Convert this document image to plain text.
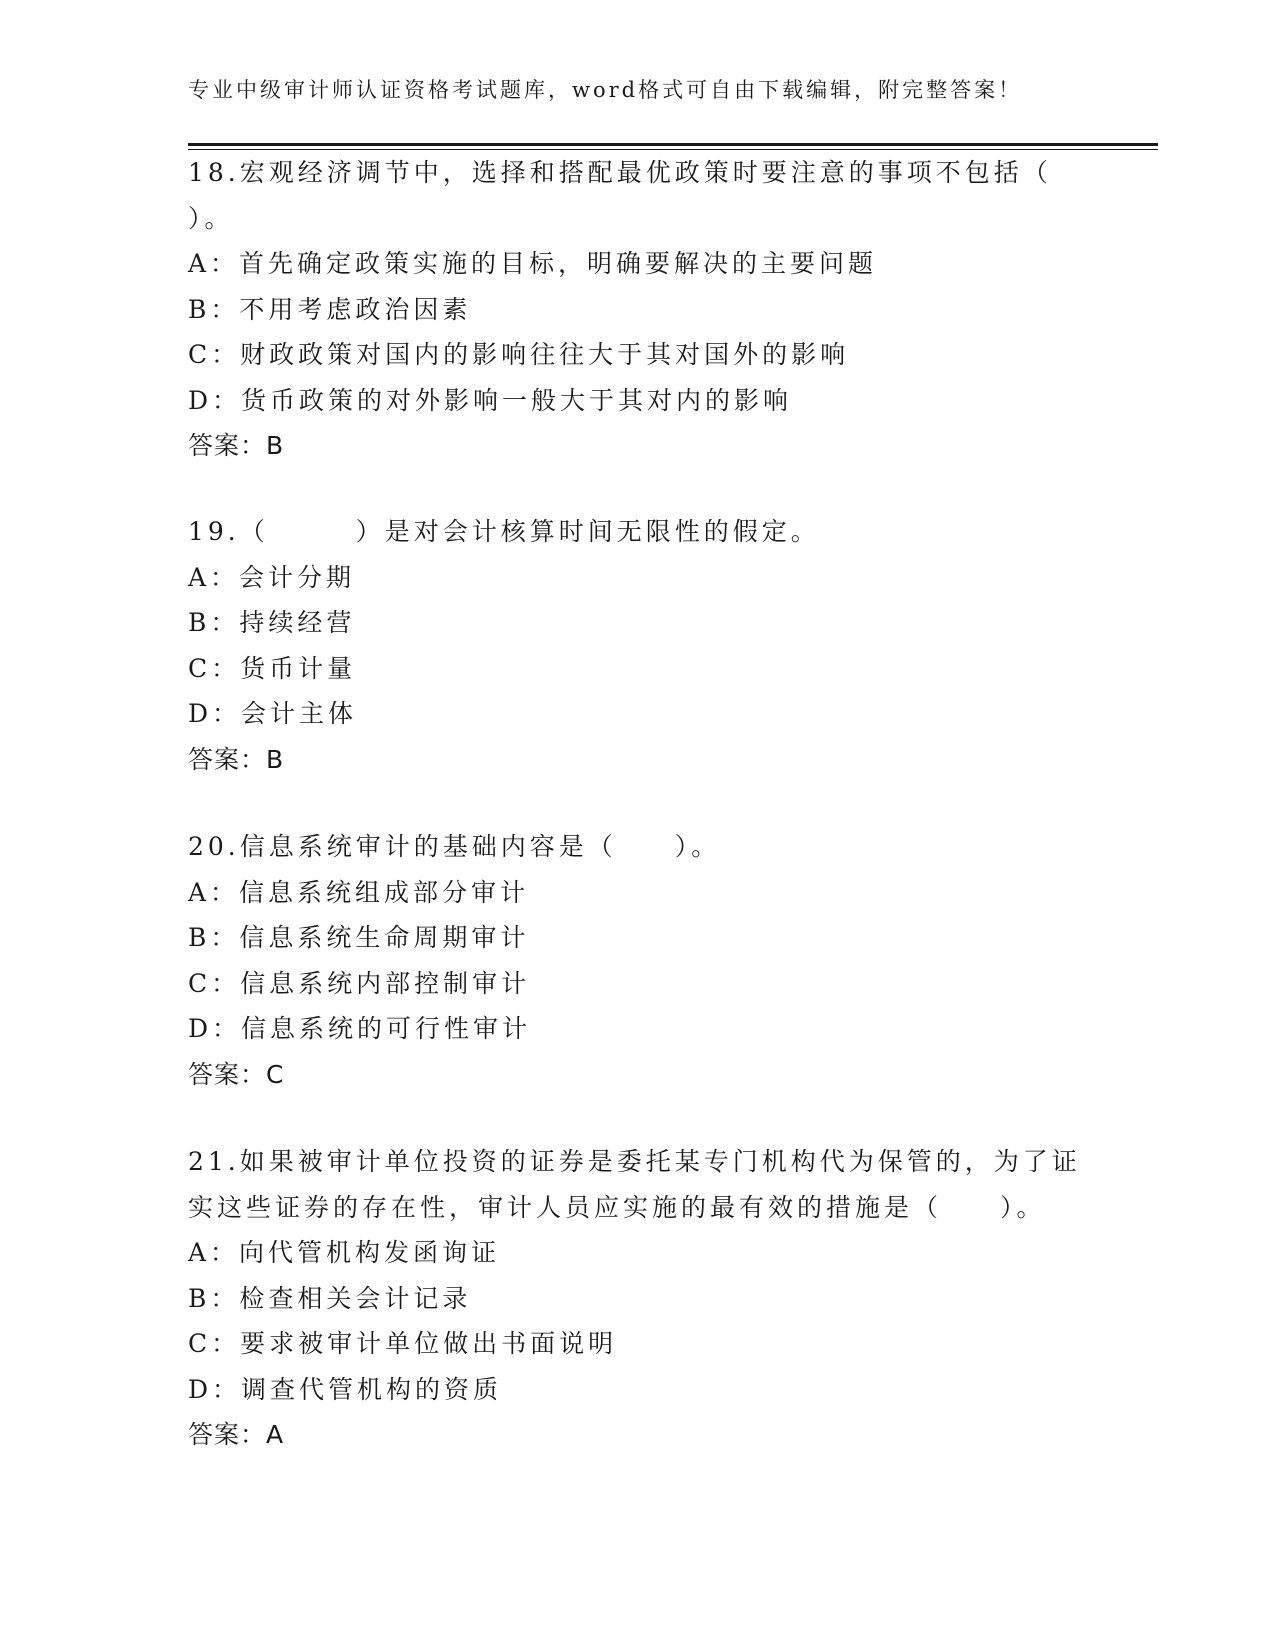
专业中级审计师认证资格考试题库，word格式可自由下载编辑，附完整答案！
18.宏观经济调节中，选择和搭配最优政策时要注意的事项不包括（
）。
A：首先确定政策实施的目标，明确要解决的主要问题
B：不用考虑政治因素
C：财政政策对国内的影响往往大于其对国外的影响
D：货币政策的对外影响一般大于其对内的影响
答案：B
19.（　　　）是对会计核算时间无限性的假定。
A：会计分期
B：持续经营
C：货币计量
D：会计主体
答案：B
20.信息系统审计的基础内容是（　　）。
A：信息系统组成部分审计
B：信息系统生命周期审计
C：信息系统内部控制审计
D：信息系统的可行性审计
答案：C
21.如果被审计单位投资的证券是委托某专门机构代为保管的，为了证
实这些证券的存在性，审计人员应实施的最有效的措施是（　　）。
A：向代管机构发函询证
B：检查相关会计记录
C：要求被审计单位做出书面说明
D：调查代管机构的资质
答案：A
